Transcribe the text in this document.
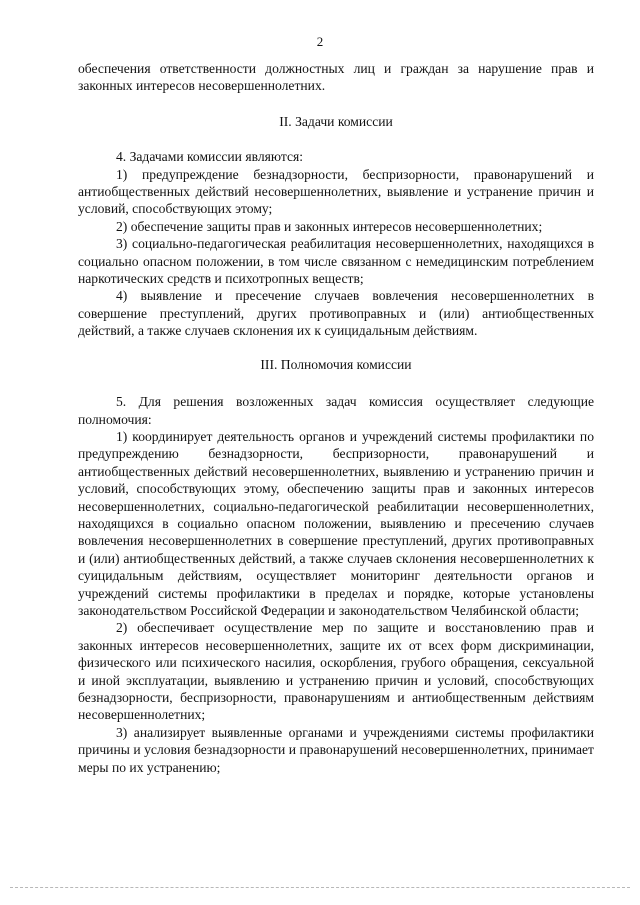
2

обеспечения ответственности должностных лиц и граждан за нарушение прав и законных интересов несовершеннолетних.

II. Задачи комиссии

4. Задачами комиссии являются:

1) предупреждение безнадзорности, беспризорности, правонарушений и антиобщественных действий несовершеннолетних, выявление и устранение причин и условий, способствующих этому;

2) обеспечение защиты прав и законных интересов несовершеннолетних;

3) социально-педагогическая реабилитация несовершеннолетних, находящихся в социально опасном положении, в том числе связанном с немедицинским потреблением наркотических средств и психотропных веществ;

4) выявление и пресечение случаев вовлечения несовершеннолетних в совершение преступлений, других противоправных и (или) антиобщественных действий, а также случаев склонения их к суицидальным действиям.

III. Полномочия комиссии

5. Для решения возложенных задач комиссия осуществляет следующие полномочия:

1) координирует деятельность органов и учреждений системы профилактики по предупреждению безнадзорности, беспризорности, правонарушений и антиобщественных действий несовершеннолетних, выявлению и устранению причин и условий, способствующих этому, обеспечению защиты прав и законных интересов несовершеннолетних, социально-педагогической реабилитации несовершеннолетних, находящихся в социально опасном положении, выявлению и пресечению случаев вовлечения несовершеннолетних в совершение преступлений, других противоправных и (или) антиобщественных действий, а также случаев склонения несовершеннолетних к суицидальным действиям, осуществляет мониторинг деятельности органов и учреждений системы профилактики в пределах и порядке, которые установлены законодательством Российской Федерации и законодательством Челябинской области;

2) обеспечивает осуществление мер по защите и восстановлению прав и законных интересов несовершеннолетних, защите их от всех форм дискриминации, физического или психического насилия, оскорбления, грубого обращения, сексуальной и иной эксплуатации, выявлению и устранению причин и условий, способствующих безнадзорности, беспризорности, правонарушениям и антиобщественным действиям несовершеннолетних;

3) анализирует выявленные органами и учреждениями системы профилактики причины и условия безнадзорности и правонарушений несовершеннолетних, принимает меры по их устранению;
